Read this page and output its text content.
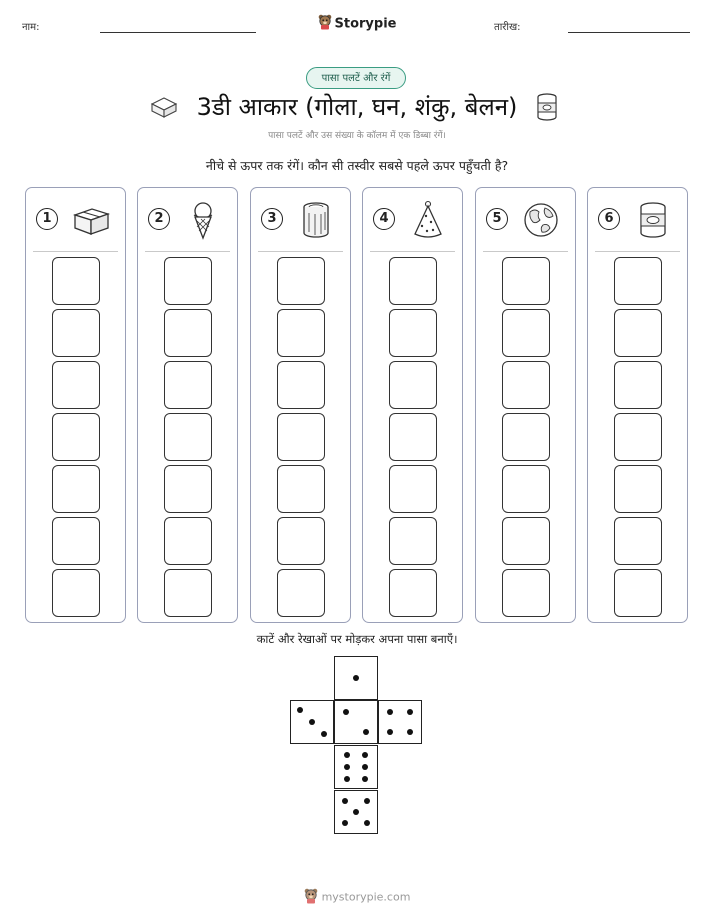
नाम:	Storypie	तारीख:
पासा पलटें और रंगें
3डी आकार (गोला, घन, शंकु, बेलन)
पासा पलटें और उस संख्या के कॉलम में एक डिब्बा रंगें।
नीचे से ऊपर तक रंगें। कौन सी तस्वीर सबसे पहले ऊपर पहुँचती है?
1	2	3	4	5	6
काटें और रेखाओं पर मोड़कर अपना पासा बनाएँ।
mystorypie.com
